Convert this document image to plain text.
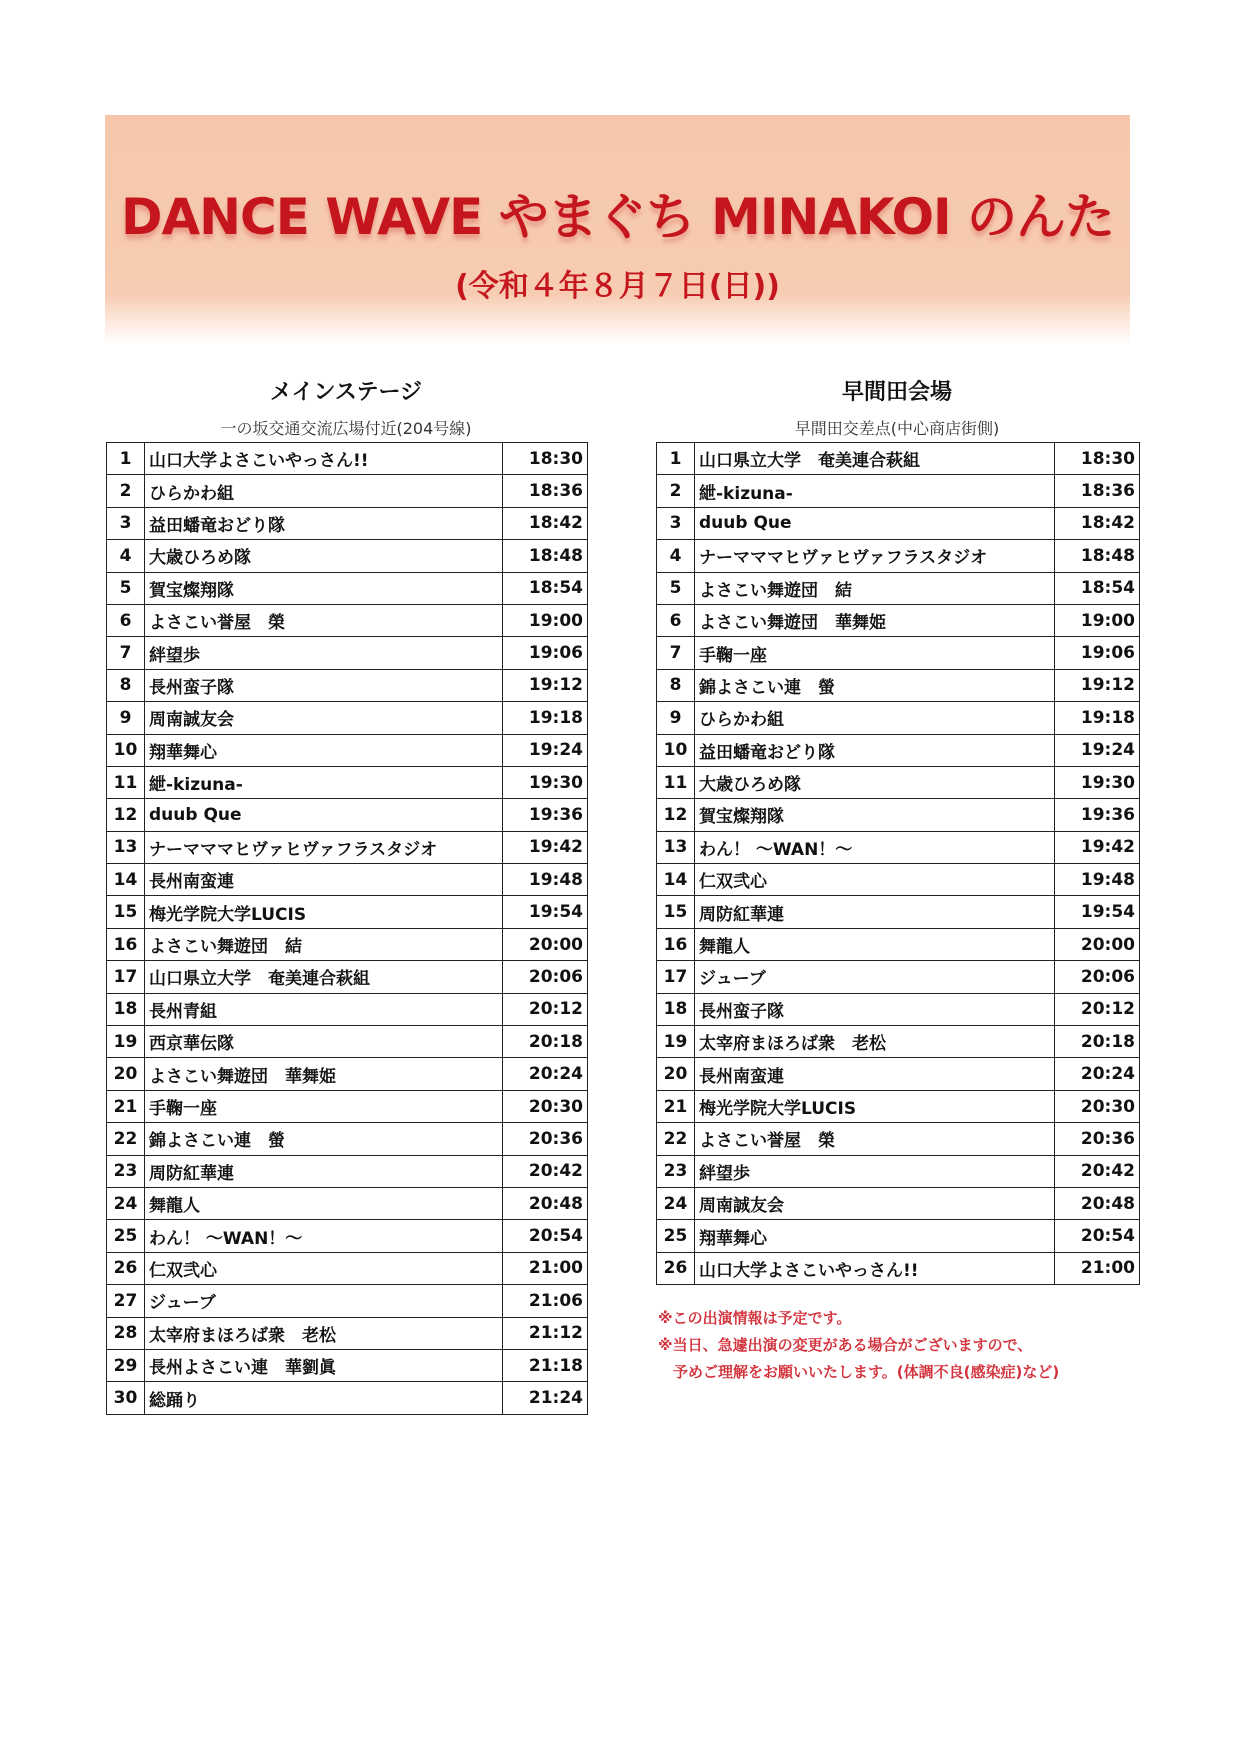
DANCE WAVE やまぐち MINAKOI のんた
(令和４年８月７日(日))
メインステージ
一の坂交通交流広場付近(204号線)
1	山口大学よさこいやっさん!!	18:30
2	ひらかわ組	18:36
3	益田蟠竜おどり隊	18:42
4	大歳ひろめ隊	18:48
5	賀宝燦翔隊	18:54
6	よさこい誉屋　榮	19:00
7	絆望歩	19:06
8	長州蛮子隊	19:12
9	周南誠友会	19:18
10	翔華舞心	19:24
11	紲-kizuna-	19:30
12	duub Que	19:36
13	ナーマママヒヴァヒヴァフラスタジオ	19:42
14	長州南蛮連	19:48
15	梅光学院大学LUCIS	19:54
16	よさこい舞遊団　結	20:00
17	山口県立大学　奄美連合萩組	20:06
18	長州青組	20:12
19	西京華伝隊	20:18
20	よさこい舞遊団　華舞姫	20:24
21	手鞠一座	20:30
22	錦よさこい連　螢	20:36
23	周防紅華連	20:42
24	舞龍人	20:48
25	わん！ ～WAN！～	20:54
26	仁双弐心	21:00
27	ジューブ	21:06
28	太宰府まほろば衆　老松	21:12
29	長州よさこい連　華劉眞	21:18
30	総踊り	21:24
早間田会場
早間田交差点(中心商店街側)
1	山口県立大学　奄美連合萩組	18:30
2	紲-kizuna-	18:36
3	duub Que	18:42
4	ナーマママヒヴァヒヴァフラスタジオ	18:48
5	よさこい舞遊団　結	18:54
6	よさこい舞遊団　華舞姫	19:00
7	手鞠一座	19:06
8	錦よさこい連　螢	19:12
9	ひらかわ組	19:18
10	益田蟠竜おどり隊	19:24
11	大歳ひろめ隊	19:30
12	賀宝燦翔隊	19:36
13	わん！ ～WAN！～	19:42
14	仁双弐心	19:48
15	周防紅華連	19:54
16	舞龍人	20:00
17	ジューブ	20:06
18	長州蛮子隊	20:12
19	太宰府まほろば衆　老松	20:18
20	長州南蛮連	20:24
21	梅光学院大学LUCIS	20:30
22	よさこい誉屋　榮	20:36
23	絆望歩	20:42
24	周南誠友会	20:48
25	翔華舞心	20:54
26	山口大学よさこいやっさん!!	21:00
※この出演情報は予定です。
※当日、急遽出演の変更がある場合がございますので、
　予めご理解をお願いいたします。(体調不良(感染症)など)
